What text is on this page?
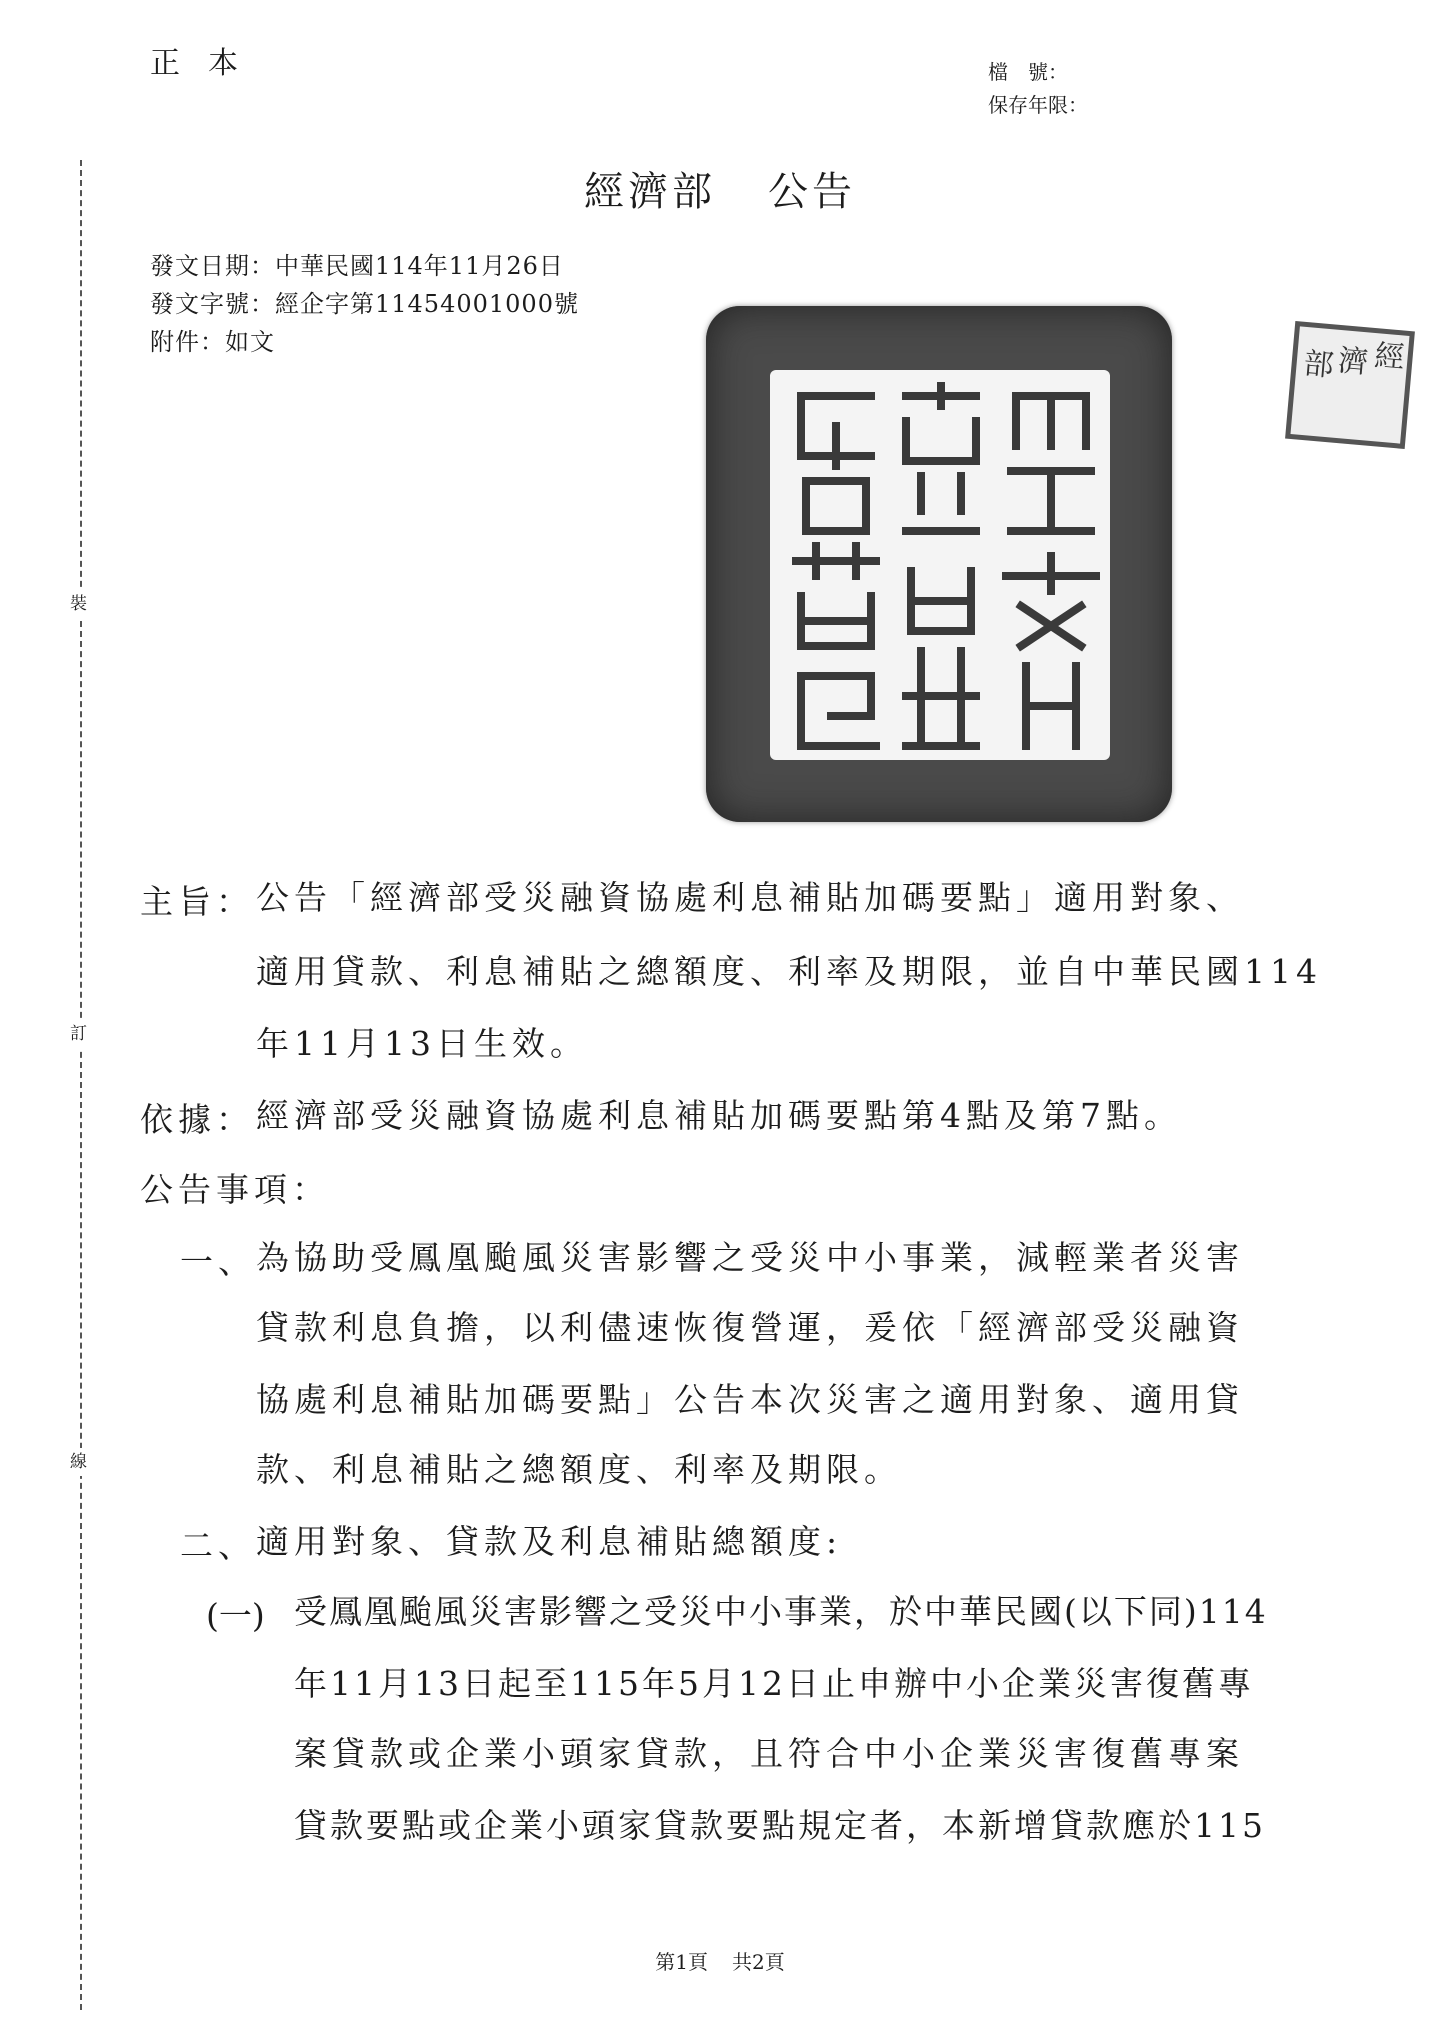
正本	檔　號：
保存年限：
裝
訂
線
經濟部 公告
發文日期：中華民國114年11月26日
發文字號：經企字第11454001000號
附件：如文	經
濟
部
主旨： 公告「經濟部受災融資協處利息補貼加碼要點」適用對象、
適用貸款、利息補貼之總額度、利率及期限，並自中華民國114
年11月13日生效。
依據： 經濟部受災融資協處利息補貼加碼要點第4點及第7點。
公告事項：
一、 為協助受鳳凰颱風災害影響之受災中小事業，減輕業者災害
貸款利息負擔，以利儘速恢復營運，爰依「經濟部受災融資
協處利息補貼加碼要點」公告本次災害之適用對象、適用貸
款、利息補貼之總額度、利率及期限。
二、 適用對象、貸款及利息補貼總額度:
(一) 受鳳凰颱風災害影響之受災中小事業，於中華民國(以下同)114
年11月13日起至115年5月12日止申辦中小企業災害復舊專
案貸款或企業小頭家貸款，且符合中小企業災害復舊專案
貸款要點或企業小頭家貸款要點規定者，本新增貸款應於115
第1頁 共2頁
